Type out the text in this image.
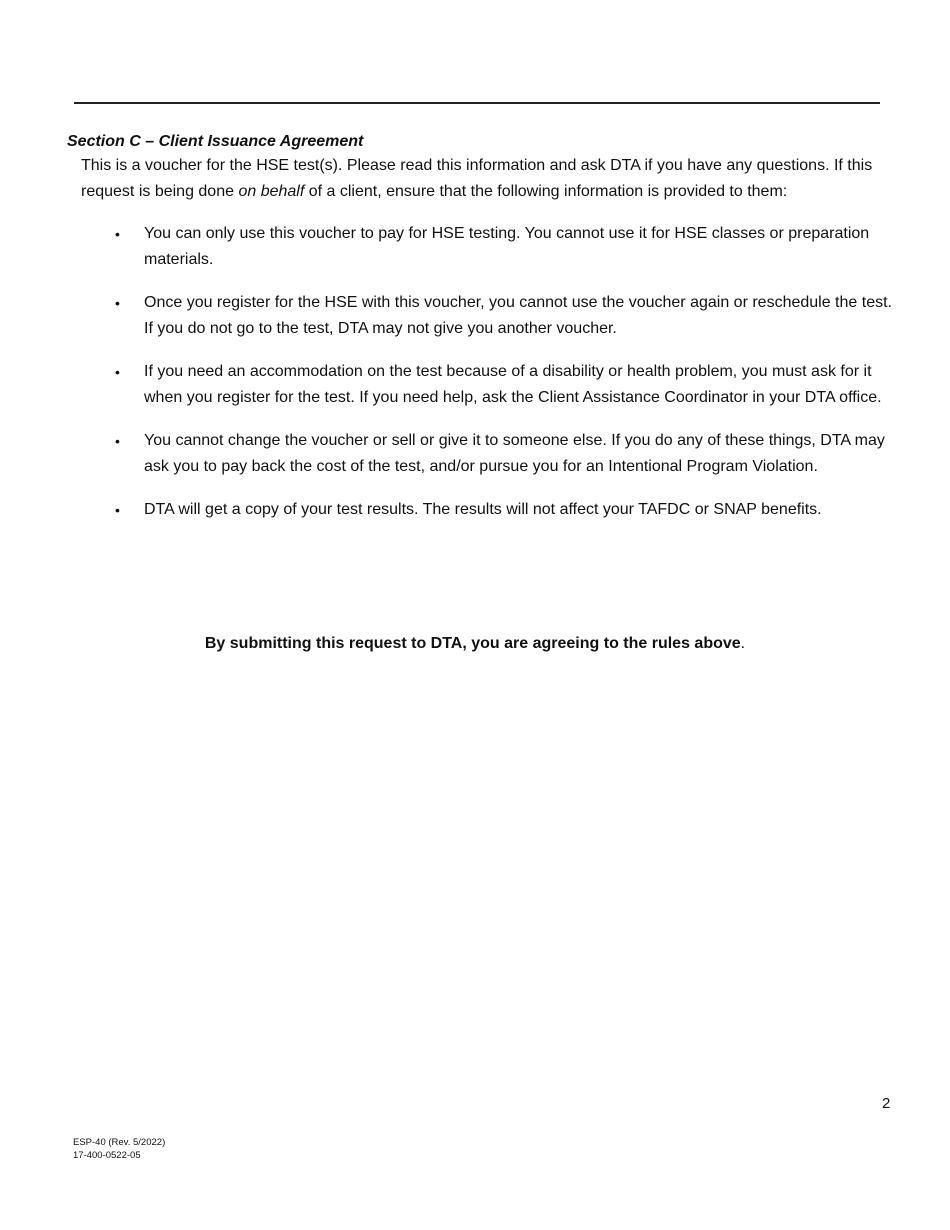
Section C – Client Issuance Agreement
This is a voucher for the HSE test(s). Please read this information and ask DTA if you have any questions. If this request is being done on behalf of a client, ensure that the following information is provided to them:
• You can only use this voucher to pay for HSE testing. You cannot use it for HSE classes or preparation materials.
• Once you register for the HSE with this voucher, you cannot use the voucher again or reschedule the test. If you do not go to the test, DTA may not give you another voucher.
• If you need an accommodation on the test because of a disability or health problem, you must ask for it when you register for the test. If you need help, ask the Client Assistance Coordinator in your DTA office.
• You cannot change the voucher or sell or give it to someone else. If you do any of these things, DTA may ask you to pay back the cost of the test, and/or pursue you for an Intentional Program Violation.
• DTA will get a copy of your test results. The results will not affect your TAFDC or SNAP benefits.
By submitting this request to DTA, you are agreeing to the rules above.
2
ESP-40 (Rev. 5/2022)
17-400-0522-05
